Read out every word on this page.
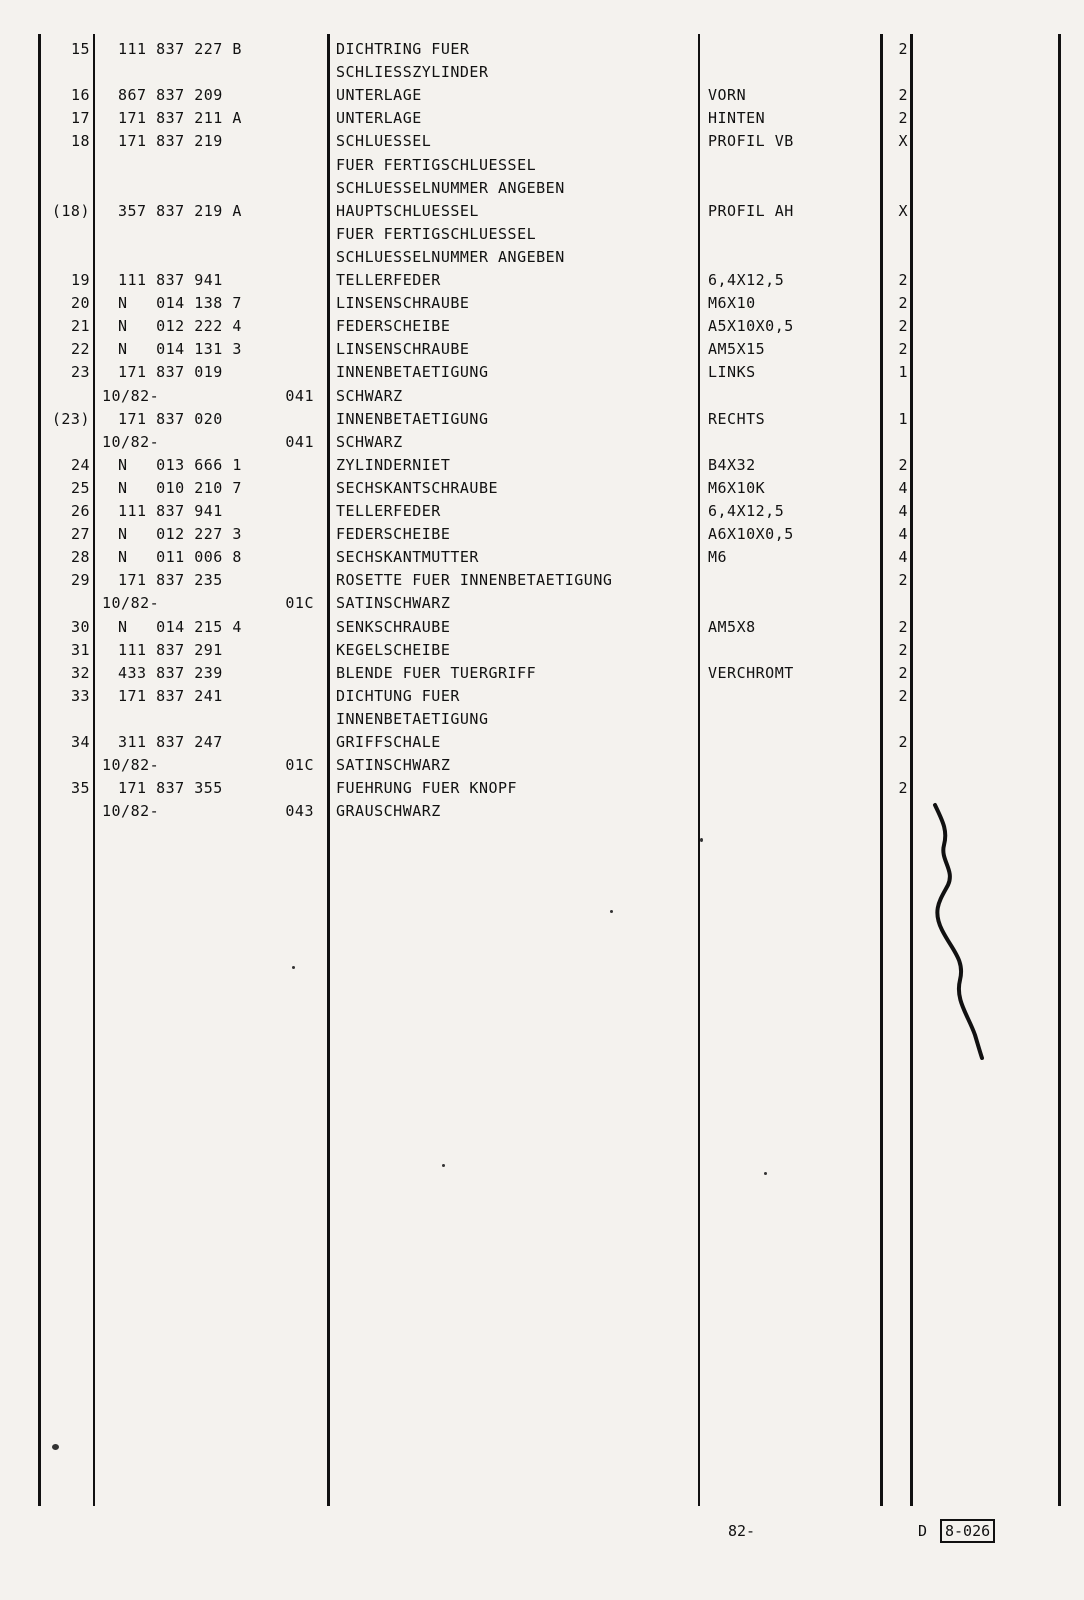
15 111 837 227 B	DICHTRING FUER	2
SCHLIESSZYLINDER
16 867 837 209	UNTERLAGE	VORN	2
17 171 837 211 A	UNTERLAGE	HINTEN	2
18 171 837 219	SCHLUESSEL	PROFIL VB	X
FUER FERTIGSCHLUESSEL
SCHLUESSELNUMMER ANGEBEN
(18) 357 837 219 A	HAUPTSCHLUESSEL	PROFIL AH	X
FUER FERTIGSCHLUESSEL
SCHLUESSELNUMMER ANGEBEN
19 111 837 941	TELLERFEDER	6,4X12,5	2
20 N   014 138 7	LINSENSCHRAUBE	M6X10	2
21 N   012 222 4	FEDERSCHEIBE	A5X10X0,5	2
22 N   014 131 3	LINSENSCHRAUBE	AM5X15	2
23 171 837 019	INNENBETAETIGUNG	LINKS	1
10/82-	041 SCHWARZ
(23) 171 837 020	INNENBETAETIGUNG	RECHTS	1
10/82-	041 SCHWARZ
24 N   013 666 1	ZYLINDERNIET	B4X32	2
25 N   010 210 7	SECHSKANTSCHRAUBE	M6X10K	4
26 111 837 941	TELLERFEDER	6,4X12,5	4
27 N   012 227 3	FEDERSCHEIBE	A6X10X0,5	4
28 N   011 006 8	SECHSKANTMUTTER	M6	4
29 171 837 235	ROSETTE FUER INNENBETAETIGUNG	2
10/82-	01C SATINSCHWARZ
30 N   014 215 4	SENKSCHRAUBE	AM5X8	2
31 111 837 291	KEGELSCHEIBE	2
32 433 837 239	BLENDE FUER TUERGRIFF	VERCHROMT	2
33 171 837 241	DICHTUNG FUER	2
INNENBETAETIGUNG
34 311 837 247	GRIFFSCHALE	2
10/82-	01C SATINSCHWARZ
35 171 837 355	FUEHRUNG FUER KNOPF	2
10/82-	043 GRAUSCHWARZ
82-	D	8-026
